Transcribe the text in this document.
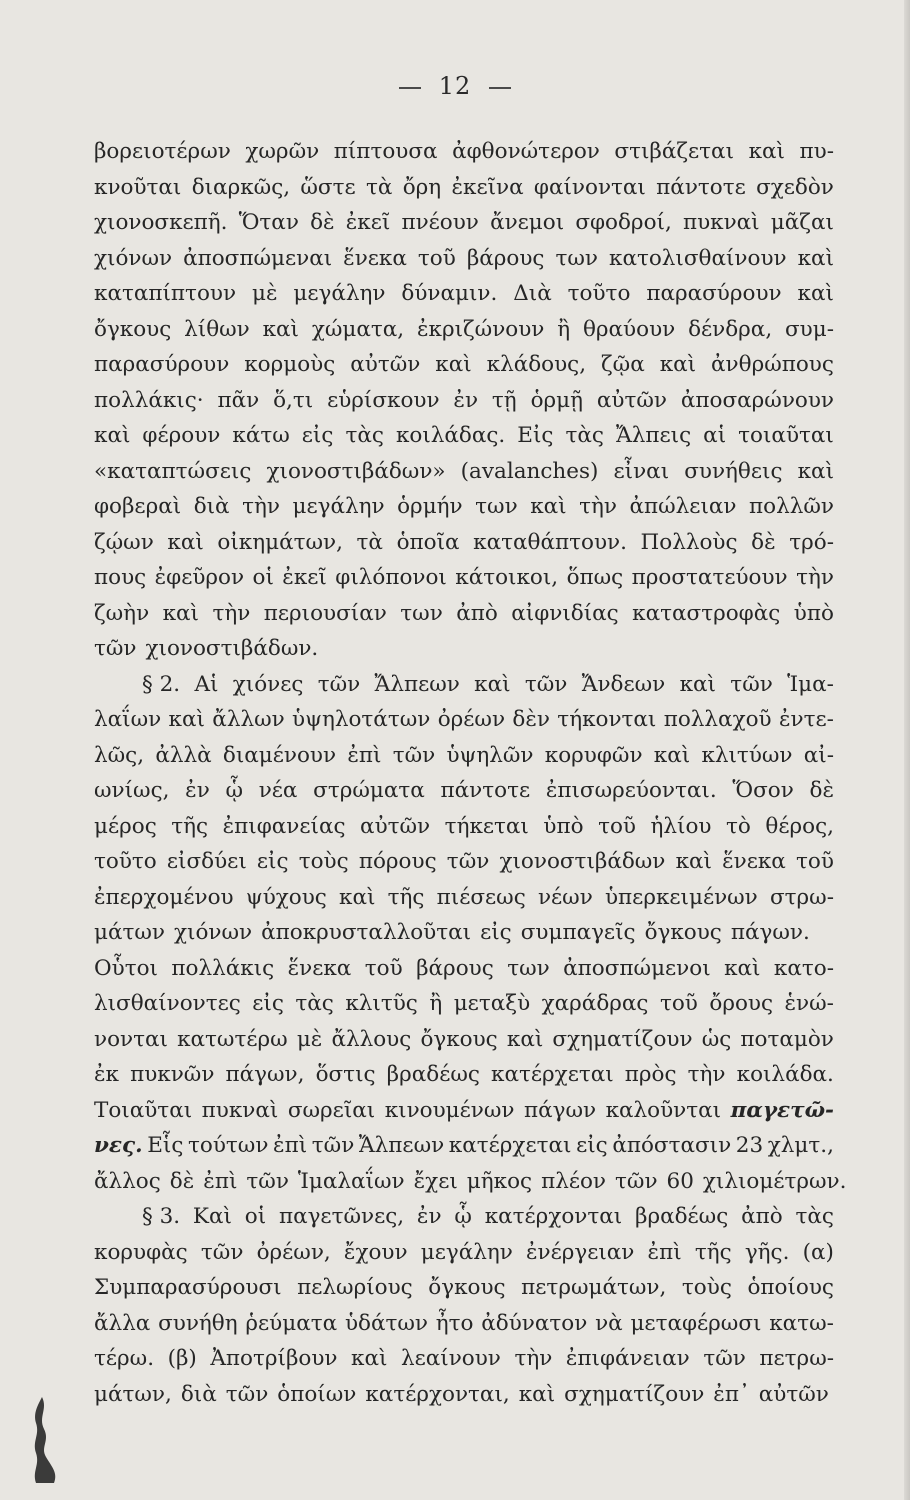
12
βορειοτέρων χωρῶν πίπτουσα ἀφθονώτερον στιβάζεται καὶ πυ-
κνοῦται διαρκῶς, ὥστε τὰ ὄρη ἐκεῖνα φαίνονται πάντοτε σχεδὸν
χιονοσκεπῆ. Ὅταν δὲ ἐκεῖ πνέουν ἄνεμοι σφοδροί, πυκναὶ μᾶζαι
χιόνων ἀποσπώμεναι ἕνεκα τοῦ βάρους των κατολισθαίνουν καὶ
καταπίπτουν μὲ μεγάλην δύναμιν. Διὰ τοῦτο παρασύρουν καὶ
ὄγκους λίθων καὶ χώματα, ἐκριζώνουν ἢ θραύουν δένδρα, συμ-
παρασύρουν κορμοὺς αὐτῶν καὶ κλάδους, ζῷα καὶ ἀνθρώπους
πολλάκις· πᾶν ὅ,τι εὑρίσκουν ἐν τῇ ὁρμῇ αὐτῶν ἀποσαρώνουν
καὶ φέρουν κάτω εἰς τὰς κοιλάδας. Εἰς τὰς Ἄλπεις αἱ τοιαῦται
«καταπτώσεις χιονοστιβάδων» (avalanches) εἶναι συνήθεις καὶ
φοβεραὶ διὰ τὴν μεγάλην ὁρμήν των καὶ τὴν ἀπώλειαν πολλῶν
ζῴων καὶ οἰκημάτων, τὰ ὁποῖα καταθάπτουν. Πολλοὺς δὲ τρό-
πους ἐφεῦρον οἱ ἐκεῖ φιλόπονοι κάτοικοι, ὅπως προστατεύουν τὴν
ζωὴν καὶ τὴν περιουσίαν των ἀπὸ αἰφνιδίας καταστροφὰς ὑπὸ
τῶν χιονοστιβάδων.
§ 2. Αἱ χιόνες τῶν Ἄλπεων καὶ τῶν Ἄνδεων καὶ τῶν Ἱμα-
λαΐων καὶ ἄλλων ὑψηλοτάτων ὀρέων δὲν τήκονται πολλαχοῦ ἐντε-
λῶς, ἀλλὰ διαμένουν ἐπὶ τῶν ὑψηλῶν κορυφῶν καὶ κλιτύων αἰ-
ωνίως, ἐν ᾧ νέα στρώματα πάντοτε ἐπισωρεύονται. Ὅσον δὲ
μέρος τῆς ἐπιφανείας αὐτῶν τήκεται ὑπὸ τοῦ ἡλίου τὸ θέρος,
τοῦτο εἰσδύει εἰς τοὺς πόρους τῶν χιονοστιβάδων καὶ ἕνεκα τοῦ
ἐπερχομένου ψύχους καὶ τῆς πιέσεως νέων ὑπερκειμένων στρω-
μάτων χιόνων ἀποκρυσταλλοῦται εἰς συμπαγεῖς ὄγκους πάγων.
Οὗτοι πολλάκις ἕνεκα τοῦ βάρους των ἀποσπώμενοι καὶ κατο-
λισθαίνοντες εἰς τὰς κλιτῦς ἢ μεταξὺ χαράδρας τοῦ ὄρους ἑνώ-
νονται κατωτέρω μὲ ἄλλους ὄγκους καὶ σχηματίζουν ὡς ποταμὸν
ἐκ πυκνῶν πάγων, ὅστις βραδέως κατέρχεται πρὸς τὴν κοιλάδα.
Τοιαῦται πυκναὶ σωρεῖαι κινουμένων πάγων καλοῦνται παγετῶ-
νες. Εἷς τούτων ἐπὶ τῶν Ἄλπεων κατέρχεται εἰς ἀπόστασιν 23 χλμτ.,
ἄλλος δὲ ἐπὶ τῶν Ἱμαλαΐων ἔχει μῆκος πλέον τῶν 60 χιλιομέτρων.
§ 3. Καὶ οἱ παγετῶνες, ἐν ᾧ κατέρχονται βραδέως ἀπὸ τὰς
κορυφὰς τῶν ὀρέων, ἔχουν μεγάλην ἐνέργειαν ἐπὶ τῆς γῆς. (α)
Συμπαρασύρουσι πελωρίους ὄγκους πετρωμάτων, τοὺς ὁποίους
ἄλλα συνήθη ῥεύματα ὑδάτων ἦτο ἀδύνατον νὰ μεταφέρωσι κατω-
τέρω. (β) Ἀποτρίβουν καὶ λεαίνουν τὴν ἐπιφάνειαν τῶν πετρω-
μάτων, διὰ τῶν ὁποίων κατέρχονται, καὶ σχηματίζουν ἐπ᾽ αὐτῶν
